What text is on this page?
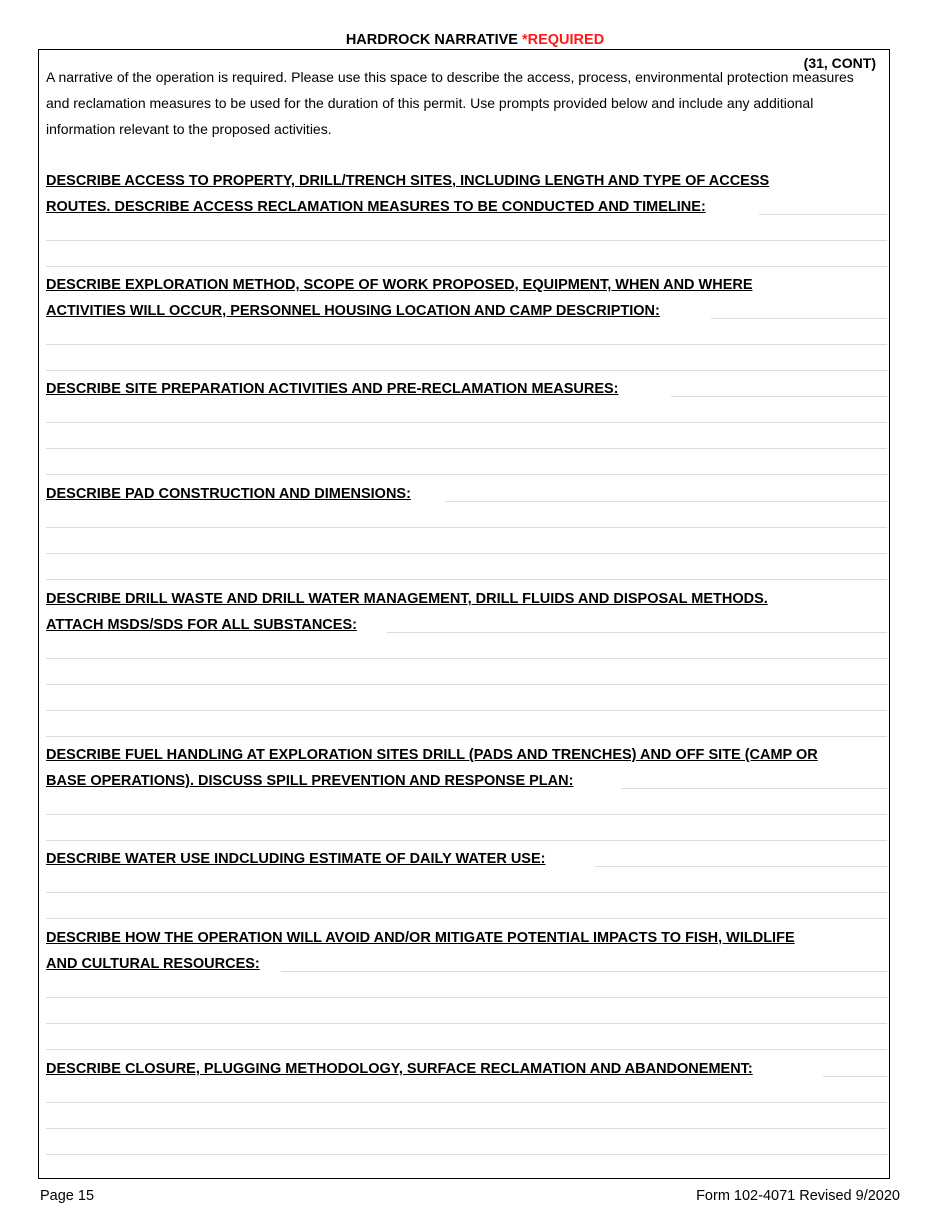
HARDROCK NARRATIVE *REQUIRED
(31, CONT)
A narrative of the operation is required. Please use this space to describe the access, process, environmental protection measures and reclamation measures to be used for the duration of this permit. Use prompts provided below and include any additional information relevant to the proposed activities.
DESCRIBE ACCESS TO PROPERTY, DRILL/TRENCH SITES, INCLUDING LENGTH AND TYPE OF ACCESS
ROUTES. DESCRIBE ACCESS RECLAMATION MEASURES TO BE CONDUCTED AND TIMELINE:
DESCRIBE EXPLORATION METHOD, SCOPE OF WORK PROPOSED, EQUIPMENT, WHEN AND WHERE
ACTIVITIES WILL OCCUR, PERSONNEL HOUSING LOCATION AND CAMP DESCRIPTION:
DESCRIBE SITE PREPARATION ACTIVITIES AND PRE-RECLAMATION MEASURES:
DESCRIBE PAD CONSTRUCTION AND DIMENSIONS:
DESCRIBE DRILL WASTE AND DRILL WATER MANAGEMENT, DRILL FLUIDS AND DISPOSAL METHODS.
ATTACH MSDS/SDS FOR ALL SUBSTANCES:
DESCRIBE FUEL HANDLING AT EXPLORATION SITES DRILL (PADS AND TRENCHES) AND OFF SITE (CAMP OR
BASE OPERATIONS). DISCUSS SPILL PREVENTION AND RESPONSE PLAN:
DESCRIBE WATER USE INDCLUDING ESTIMATE OF DAILY WATER USE:
DESCRIBE HOW THE OPERATION WILL AVOID AND/OR MITIGATE POTENTIAL IMPACTS TO FISH, WILDLIFE
AND CULTURAL RESOURCES:
DESCRIBE CLOSURE, PLUGGING METHODOLOGY, SURFACE RECLAMATION AND ABANDONEMENT:
Page 15	Form 102-4071 Revised 9/2020
